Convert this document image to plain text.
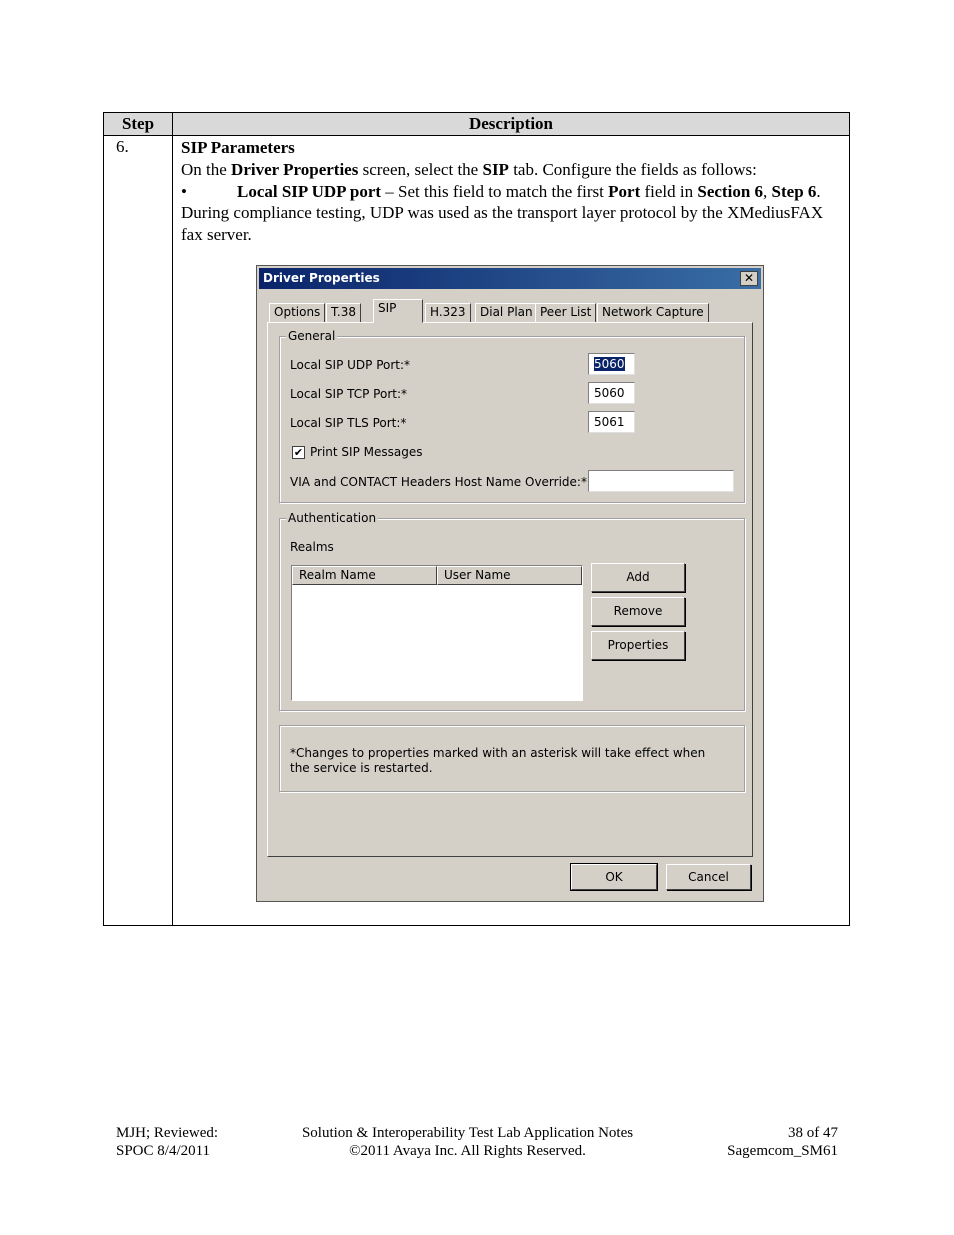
Step	Description
6.	SIP Parameters

On the Driver Properties screen, select the SIP tab. Configure the fields as follows:

•	Local SIP UDP port – Set this field to match the first Port field in Section 6, Step 6. During compliance testing, UDP was used as the transport layer protocol by the XMediusFAX fax server.

Driver Properties	✕
Options T.38	SIP	H.323	Dial Plan Peer List Network Capture
General
Local SIP UDP Port:*	5060
Local SIP TCP Port:*	5060
Local SIP TLS Port:*	5061
✔ Print SIP Messages
VIA and CONTACT Headers Host Name Override:*
Authentication
Realms
Realm Name	User Name	Add
Remove
Properties
*Changes to properties marked with an asterisk will take effect when the service is restarted.
OK	Cancel
MJH; Reviewed:
SPOC 8/4/2011
Solution & Interoperability Test Lab Application Notes
©2011 Avaya Inc. All Rights Reserved.
38 of 47
Sagemcom_SM61
